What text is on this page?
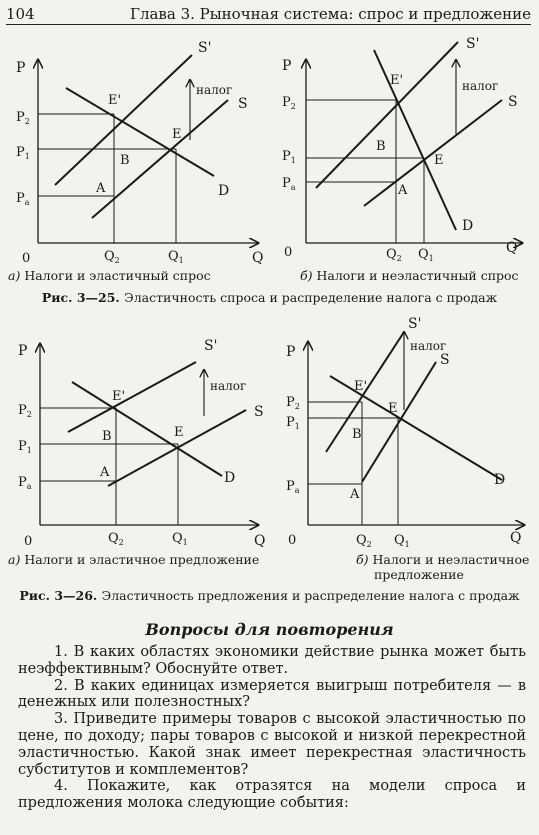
104	Глава 3. Рыночная система: спрос и предложение
P
Q
0
$P_2$
$P_1$
$P_a$
$Q_2$	$Q_1$
S'
S
D
E'
E
B
A
налог
P
Q
0
$P_2$
$P_1$
$P_a$
$Q_2$ $Q_1$
S'
S
D
E'
E
B
A
налог
а) Налоги и эластичный спрос	б) Налоги и неэластичный спрос
Рис. 3—25. Эластичность спроса и распределение налога с продаж
P
Q
0
$P_2$
$P_1$
$P_a$
$Q_2$	$Q_1$
S'
S
D
E'
E
B
A
налог
P
Q
0
$P_2$
$P_1$
$P_a$
$Q_2$ $Q_1$
S'
S
D
E'
E
B
A
налог
а) Налоги и эластичное предложение	б) Налоги и неэластичное
предложение
Рис. 3—26. Эластичность предложения и распределение налога с продаж
Вопросы для повторения

1. В каких областях экономики действие рынка может быть неэффективным? Обоснуйте ответ.

2. В каких единицах измеряется выигрыш потребителя — в денежных или полезностных?

3. Приведите примеры товаров с высокой эластичностью по цене, по доходу; пары товаров с высокой и низкой перекрестной эластичностью. Какой знак имеет перекрестная эластичность субститутов и комплементов?

4. Покажите, как отразятся на модели спроса и предложения молока следующие события:
